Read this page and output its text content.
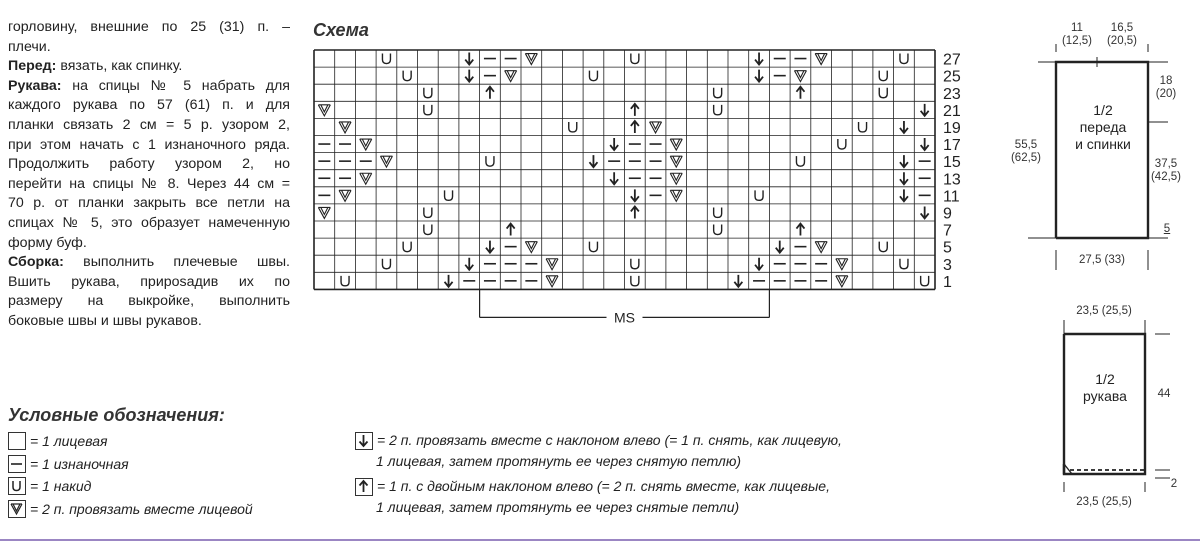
горловину, внешние по 25 (31) п. –

плечи.

Перед: вязать, как спинку.

Рукава: на спицы № 5 набрать для

каждого рукава по 57 (61) п. и для

планки связать 2 см = 5 р. узором 2,

при этом начать с 1 изнаночного ряда.

Продолжить работу узором 2, но

перейти на спицы № 8. Через 44 см =

70 р. от планки закрыть все петли на

спицах № 5, это образует намеченную

форму буф.

Сборка: выполнить плечевые швы.

Вшить рукава, приposадив их по

размеру на выкройке, выполнить

боковые швы и швы рукавов.

Схема
27
25
23
21
19
17
15
13
11
9
7
5
3
1
MS
Условные обозначения:
= 1 лицевая
= 1 изнаночная
= 1 накид
= 2 п. провязать вместе лицевой
= 2 п. провязать вместе с наклоном влево (= 1 п. снять, как лицевую,
1 лицевая, затем протянуть ее через снятую петлю)
= 1 п. с двойным наклоном влево (= 2 п. снять вместе, как лицевые,
1 лицевая, затем протянуть ее через снятые петли)
11
(12,5)
16,5
(20,5)
18
(20)
55,5
(62,5)	37,5
(42,5)
5
27,5 (33)
1/2
переда
и спинки
23,5 (25,5)
44
2
23,5 (25,5)
1/2
рукава
